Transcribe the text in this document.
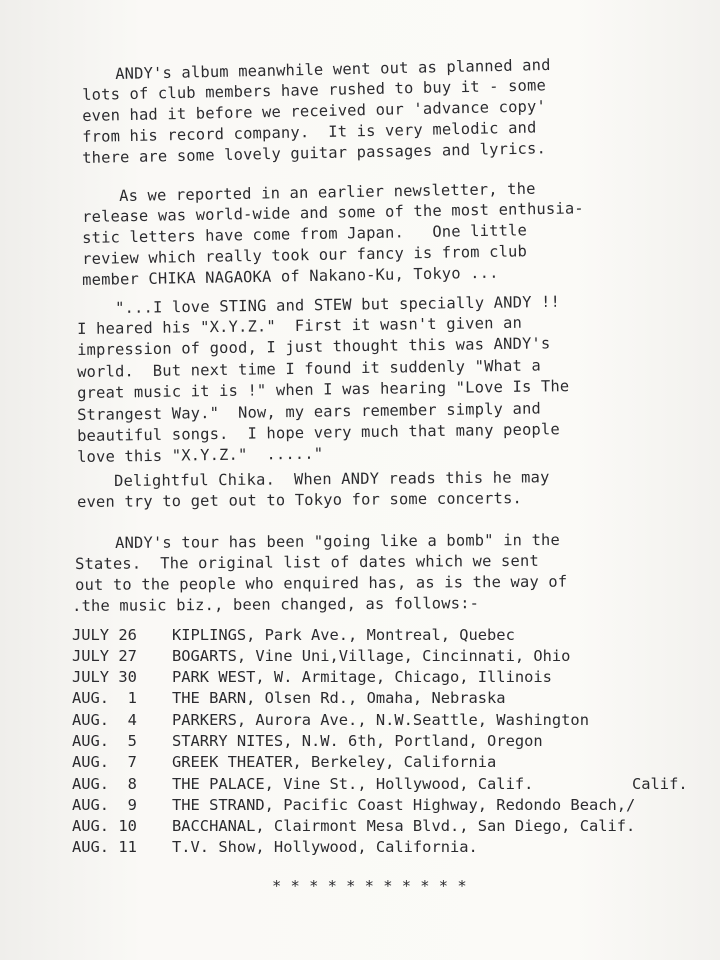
ANDY's album meanwhile went out as planned and

lots of club members have rushed to buy it - some

even had it before we received our 'advance copy'

from his record company.  It is very melodic and

there are some lovely guitar passages and lyrics.

As we reported in an earlier newsletter, the

release was world-wide and some of the most enthusia-

stic letters have come from Japan.   One little

review which really took our fancy is from club

member CHIKA NAGAOKA of Nakano-Ku, Tokyo ...

"...I love STING and STEW but specially ANDY !!

I heared his "X.Y.Z."  First it wasn't given an

impression of good, I just thought this was ANDY's

world.  But next time I found it suddenly "What a

great music it is !" when I was hearing "Love Is The

Strangest Way."  Now, my ears remember simply and

beautiful songs.  I hope very much that many people

love this "X.Y.Z."  ....."

Delightful Chika.  When ANDY reads this he may

even try to get out to Tokyo for some concerts.

ANDY's tour has been "going like a bomb" in the

States.  The original list of dates which we sent

out to the people who enquired has, as is the way of

.the music biz., been changed, as follows:-

JULY 26

KIPLINGS, Park Ave., Montreal, Quebec

JULY 27

BOGARTS, Vine Uni,Village, Cincinnati, Ohio

JULY 30

PARK WEST, W. Armitage, Chicago, Illinois

AUG.  1

THE BARN, Olsen Rd., Omaha, Nebraska

AUG.  4

PARKERS, Aurora Ave., N.W.Seattle, Washington

AUG.  5

STARRY NITES, N.W. 6th, Portland, Oregon

AUG.  7

GREEK THEATER, Berkeley, California

AUG.  8

THE PALACE, Vine St., Hollywood, Calif.

	Calif.

AUG.  9

THE STRAND, Pacific Coast Highway, Redondo Beach,/

AUG. 10

BACCHANAL, Clairmont Mesa Blvd., San Diego, Calif.

AUG. 11

T.V. Show, Hollywood, California.

* * * * * * * * * * *
